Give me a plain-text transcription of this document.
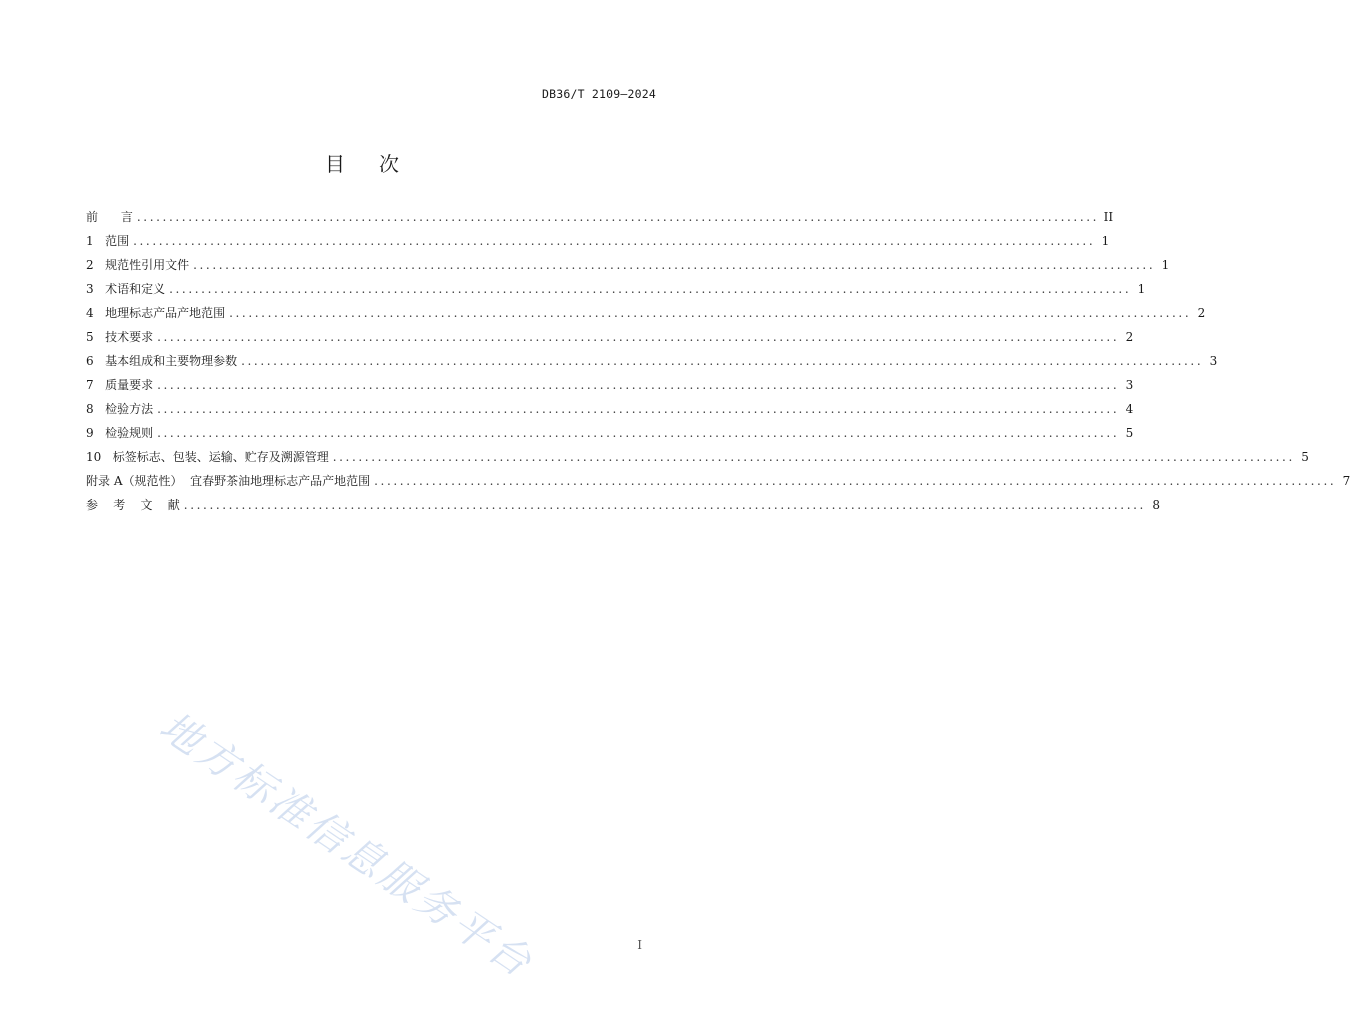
DB36/T 2109—2024
目次
前      言 ...................................................................................................................................................... II
1   范围 ...................................................................................................................................................... 1
2   规范性引用文件 ...................................................................................................................................................... 1
3   术语和定义 ...................................................................................................................................................... 1
4   地理标志产品产地范围 ...................................................................................................................................................... 2
5   技术要求 ...................................................................................................................................................... 2
6   基本组成和主要物理参数 ...................................................................................................................................................... 3
7   质量要求 ...................................................................................................................................................... 3
8   检验方法 ...................................................................................................................................................... 4
9   检验规则 ...................................................................................................................................................... 5
10   标签标志、包装、运输、贮存及溯源管理 ...................................................................................................................................................... 5
附录 A（规范性）  宜春野茶油地理标志产品产地范围 ...................................................................................................................................................... 7
参    考    文    献 ...................................................................................................................................................... 8
地方标准信息服务平台	I
